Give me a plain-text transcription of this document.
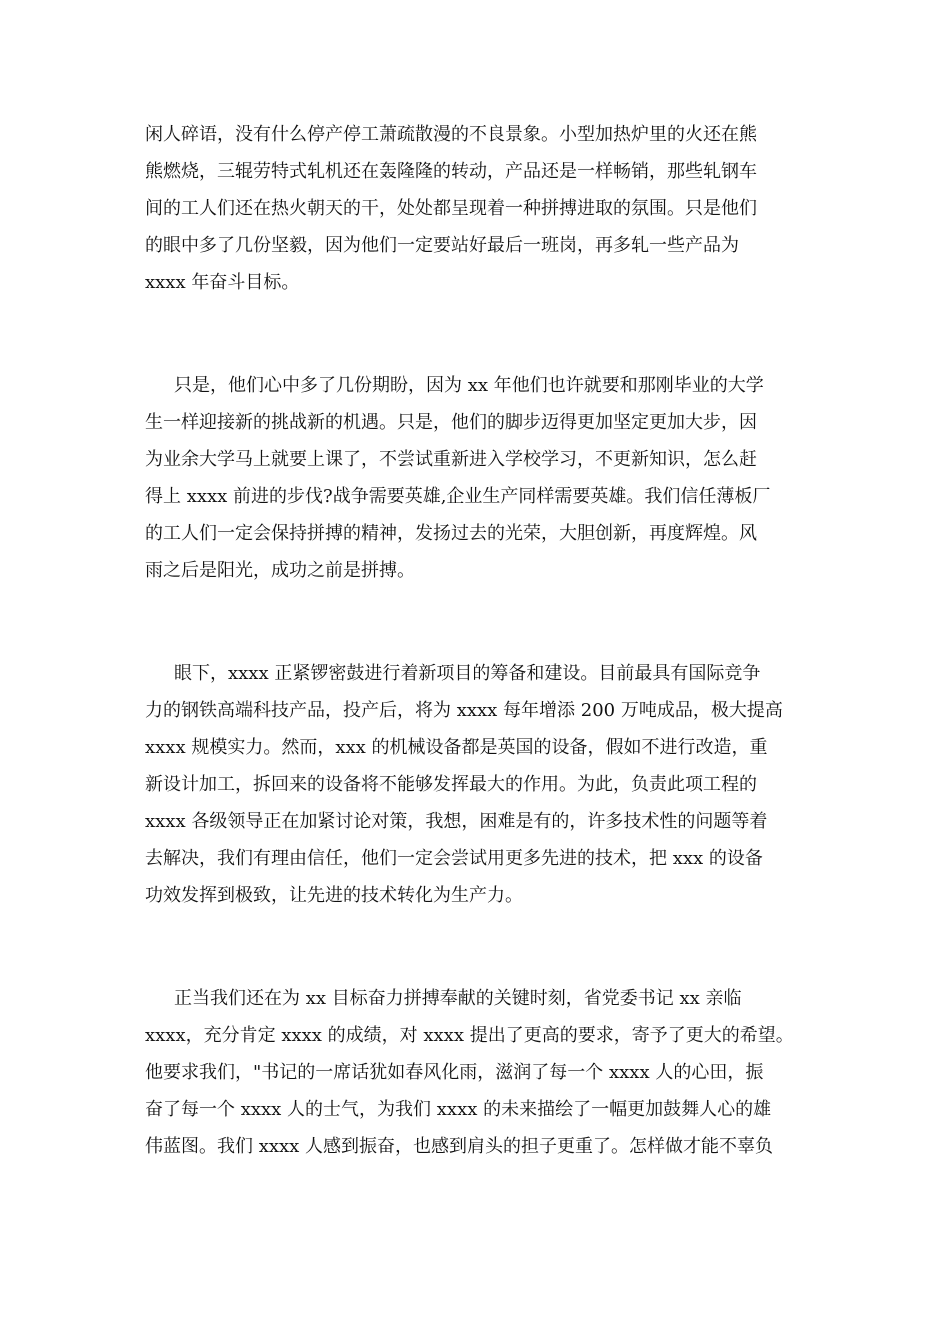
闲人碎语，没有什么停产停工萧疏散漫的不良景象。小型加热炉里的火还在熊
熊燃烧，三辊劳特式轧机还在轰隆隆的转动，产品还是一样畅销，那些轧钢车
间的工人们还在热火朝天的干，处处都呈现着一种拼搏进取的氛围。只是他们
的眼中多了几份坚毅，因为他们一定要站好最后一班岗，再多轧一些产品为
xxxx 年奋斗目标。
只是，他们心中多了几份期盼，因为 xx 年他们也许就要和那刚毕业的大学
生一样迎接新的挑战新的机遇。只是，他们的脚步迈得更加坚定更加大步，因
为业余大学马上就要上课了，不尝试重新进入学校学习，不更新知识，怎么赶
得上 xxxx 前进的步伐?战争需要英雄,企业生产同样需要英雄。我们信任薄板厂
的工人们一定会保持拼搏的精神，发扬过去的光荣，大胆创新，再度辉煌。风
雨之后是阳光，成功之前是拼搏。
眼下，xxxx 正紧锣密鼓进行着新项目的筹备和建设。目前最具有国际竞争
力的钢铁高端科技产品，投产后，将为 xxxx 每年增添 200 万吨成品，极大提高
xxxx 规模实力。然而，xxx 的机械设备都是英国的设备，假如不进行改造，重
新设计加工，拆回来的设备将不能够发挥最大的作用。为此，负责此项工程的
xxxx 各级领导正在加紧讨论对策，我想，困难是有的，许多技术性的问题等着
去解决，我们有理由信任，他们一定会尝试用更多先进的技术，把 xxx 的设备
功效发挥到极致，让先进的技术转化为生产力。
正当我们还在为 xx 目标奋力拼搏奉献的关键时刻，省党委书记 xx 亲临
xxxx，充分肯定 xxxx 的成绩，对 xxxx 提出了更高的要求，寄予了更大的希望。
他要求我们，"书记的一席话犹如春风化雨，滋润了每一个 xxxx 人的心田，振
奋了每一个 xxxx 人的士气，为我们 xxxx 的未来描绘了一幅更加鼓舞人心的雄
伟蓝图。我们 xxxx 人感到振奋，也感到肩头的担子更重了。怎样做才能不辜负
